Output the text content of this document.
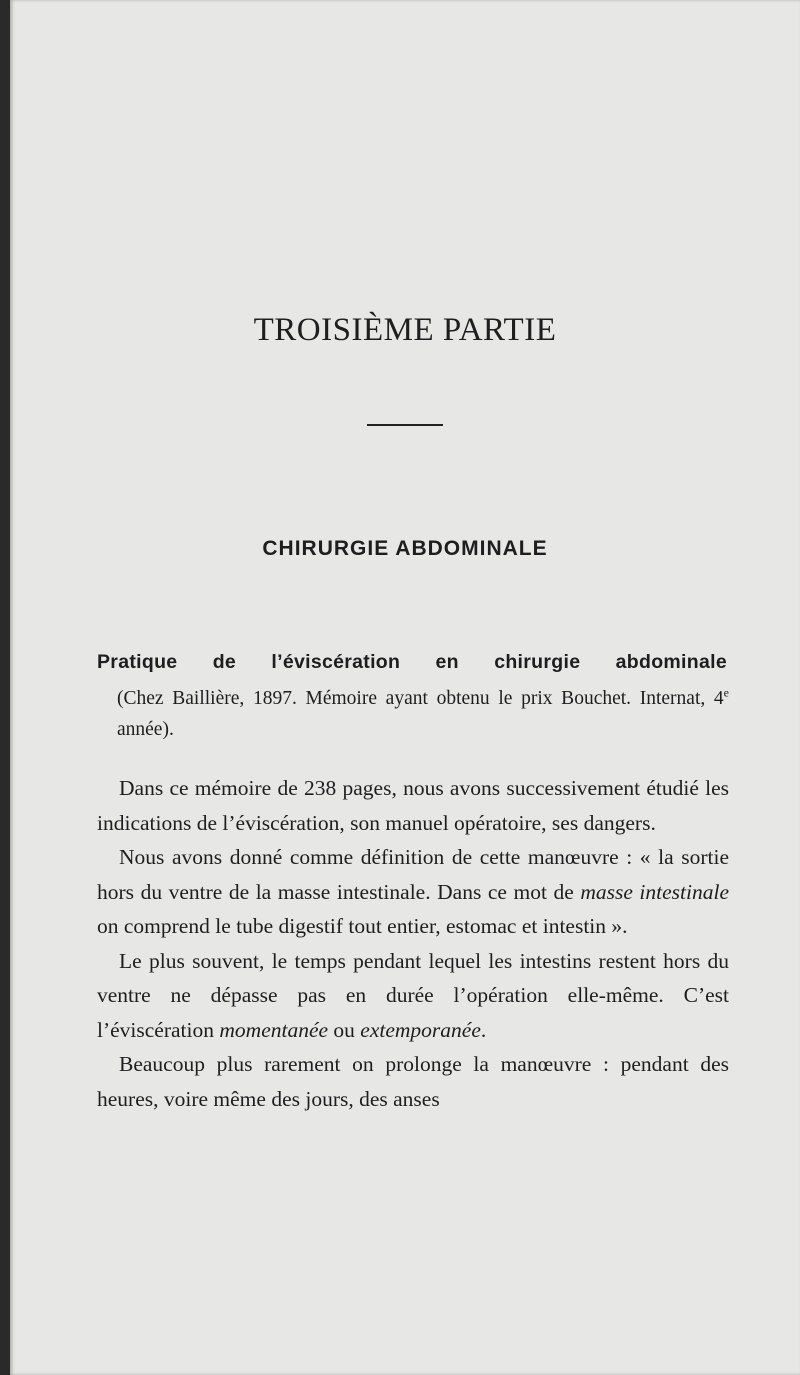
TROISIÈME PARTIE
CHIRURGIE ABDOMINALE

Pratique de l’éviscération en chirurgie abdominale

(Chez Baillière, 1897. Mémoire ayant obtenu le prix Bouchet. Internat, 4e année).

Dans ce mémoire de 238 pages, nous avons successivement étudié les indications de l’éviscération, son manuel opératoire, ses dangers.

Nous avons donné comme définition de cette manœuvre : « la sortie hors du ventre de la masse intestinale. Dans ce mot de masse intestinale on comprend le tube digestif tout entier, estomac et intestin ».

Le plus souvent, le temps pendant lequel les intestins restent hors du ventre ne dépasse pas en durée l’opération elle-même. C’est l’éviscération momentanée ou extemporanée.

Beaucoup plus rarement on prolonge la manœuvre : pendant des heures, voire même des jours, des anses
